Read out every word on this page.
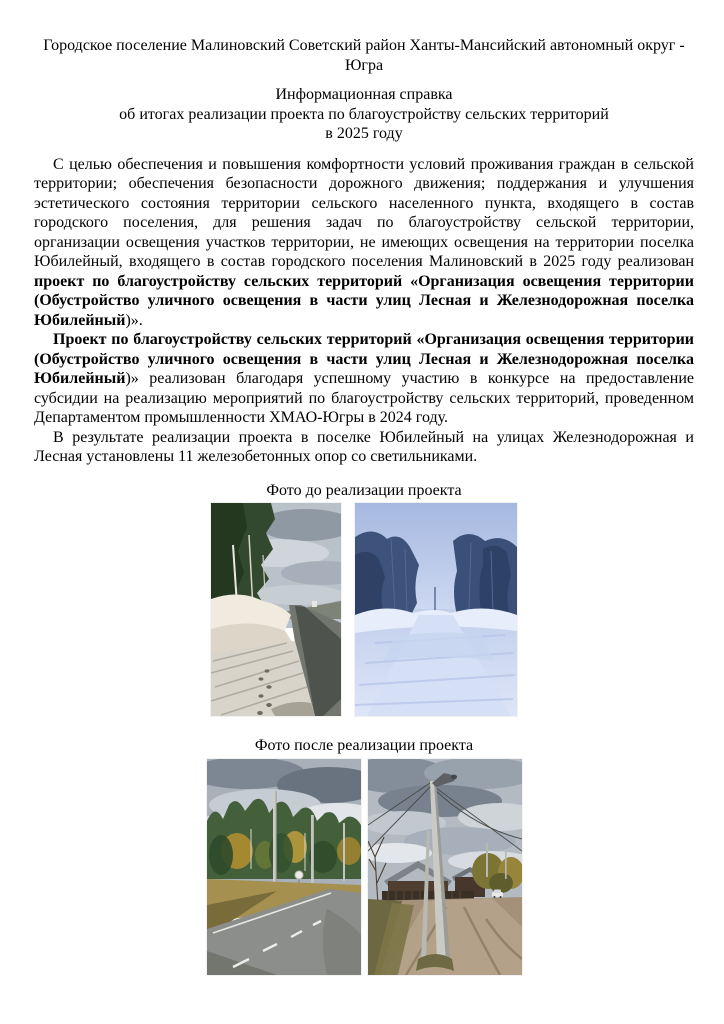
Городское поселение Малиновский Советский район Ханты-Мансийский автономный округ - Югра

Информационная справка

об итогах реализации проекта по благоустройству сельских территорий

в 2025 году

С целью обеспечения и повышения комфортности условий проживания граждан в сельской территории; обеспечения безопасности дорожного движения; поддержания и улучшения эстетического состояния территории сельского населенного пункта, входящего в состав городского поселения, для решения задач по благоустройству сельской территории, организации освещения участков территории, не имеющих освещения на территории поселка Юбилейный, входящего в состав городского поселения Малиновский в 2025 году реализован проект по благоустройству сельских территорий «Организация освещения территории (Обустройство уличного освещения в части улиц Лесная и Железнодорожная поселка Юбилейный)».

Проект по благоустройству сельских территорий «Организация освещения территории (Обустройство уличного освещения в части улиц Лесная и Железнодорожная поселка Юбилейный)» реализован благодаря успешному участию в конкурсе на предоставление субсидии на реализацию мероприятий по благоустройству сельских территорий, проведенном Департаментом промышленности ХМАО-Югры в 2024 году.

В результате реализации проекта в поселке Юбилейный на улицах Железнодорожная и Лесная установлены 11 железобетонных опор со светильниками.

Фото до реализации проекта

Фото после реализации проекта
